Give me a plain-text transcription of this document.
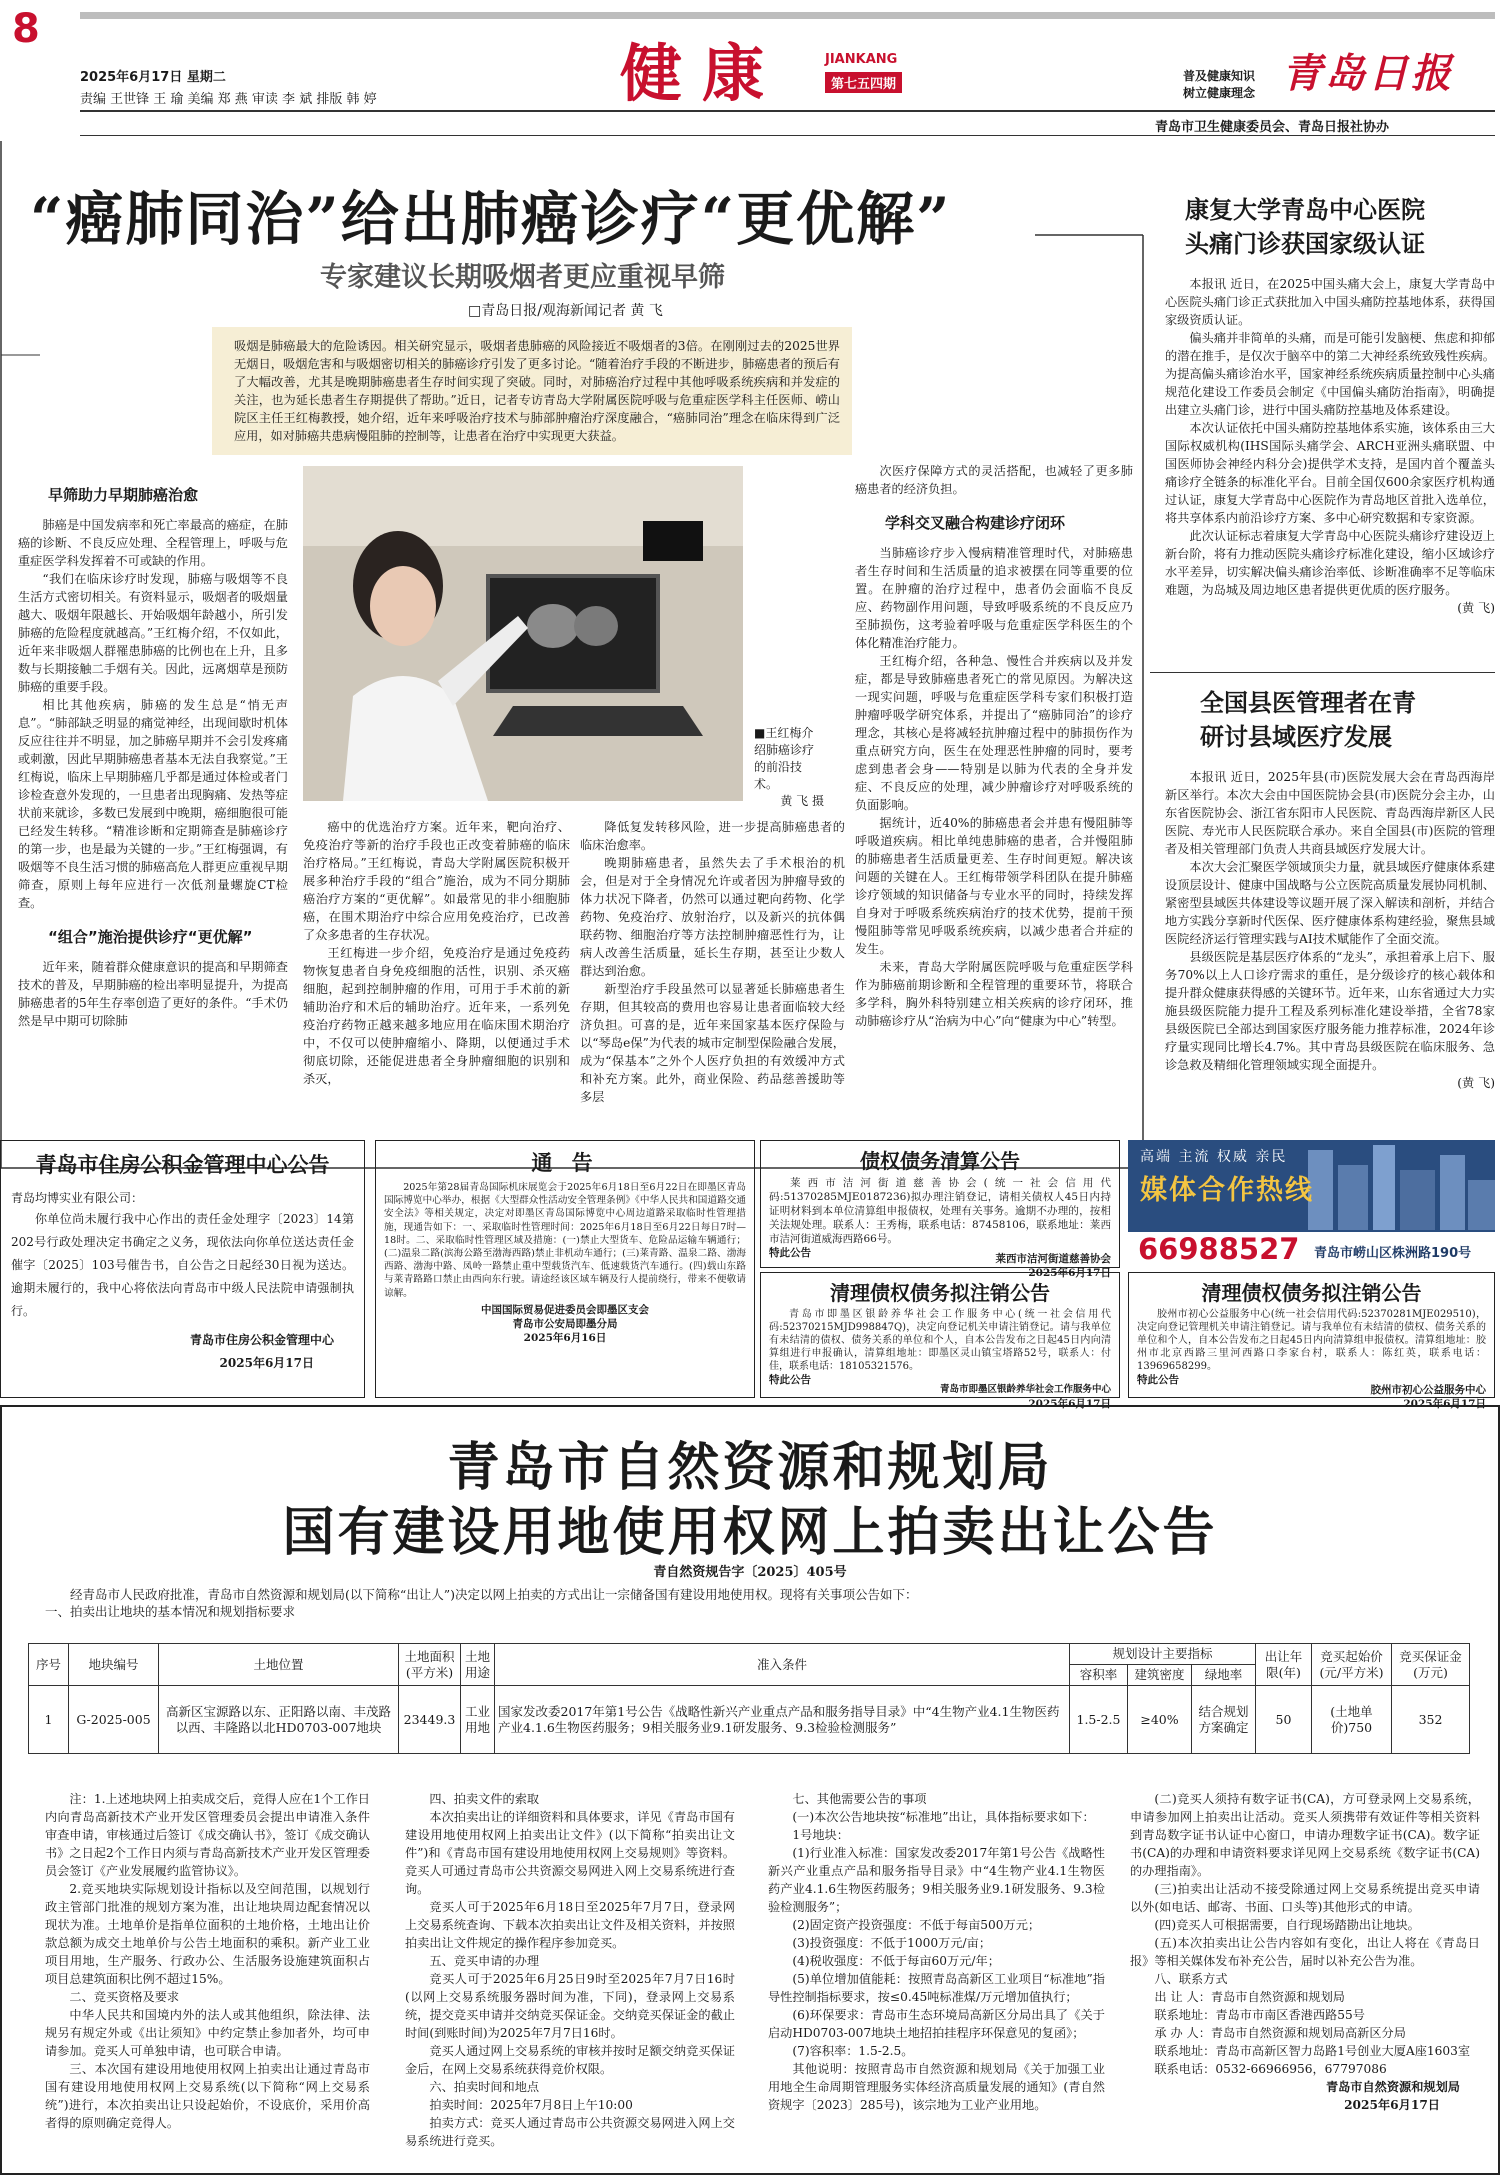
8
2025年6月17日 星期二
责编 王世锋 王 瑜 美编 郑 燕 审读 李 斌 排版 韩 婷	健康	JIANKANG
第七五四期
普及健康知识
树立健康理念 青岛日报
青岛市卫生健康委员会、青岛日报社协办
“癌肺同治”给出肺癌诊疗“更优解”
专家建议长期吸烟者更应重视早筛
□青岛日报/观海新闻记者 黄 飞
吸烟是肺癌最大的危险诱因。相关研究显示，吸烟者患肺癌的风险接近不吸烟者的3倍。在刚刚过去的2025世界无烟日，吸烟危害和与吸烟密切相关的肺癌诊疗引发了更多讨论。“随着治疗手段的不断进步，肺癌患者的预后有了大幅改善，尤其是晚期肺癌患者生存时间实现了突破。同时，对肺癌治疗过程中其他呼吸系统疾病和并发症的关注，也为延长患者生存期提供了帮助。”近日，记者专访青岛大学附属医院呼吸与危重症医学科主任医师、崂山院区主任王红梅教授，她介绍，近年来呼吸治疗技术与肺部肿瘤治疗深度融合，“癌肺同治”理念在临床得到广泛应用，如对肺癌共患病慢阻肺的控制等，让患者在治疗中实现更大获益。
早筛助力早期肺癌治愈

肺癌是中国发病率和死亡率最高的癌症，在肺癌的诊断、不良反应处理、全程管理上，呼吸与危重症医学科发挥着不可或缺的作用。

“我们在临床诊疗时发现，肺癌与吸烟等不良生活方式密切相关。有资料显示，吸烟者的吸烟量越大、吸烟年限越长、开始吸烟年龄越小，所引发肺癌的危险程度就越高。”王红梅介绍，不仅如此，近年来非吸烟人群罹患肺癌的比例也在上升，且多数与长期接触二手烟有关。因此，远离烟草是预防肺癌的重要手段。

相比其他疾病，肺癌的发生总是“悄无声息”。“肺部缺乏明显的痛觉神经，出现间歇时机体反应往往并不明显，加之肺癌早期并不会引发疼痛或刺激，因此早期肺癌患者基本无法自我察觉。”王红梅说，临床上早期肺癌几乎都是通过体检或者门诊检查意外发现的，一旦患者出现胸痛、发热等症状前来就诊，多数已发展到中晚期，癌细胞很可能已经发生转移。“精准诊断和定期筛查是肺癌诊疗的第一步，也是最为关键的一步。”王红梅强调，有吸烟等不良生活习惯的肺癌高危人群更应重视早期筛查，原则上每年应进行一次低剂量螺旋CT检查。

“组合”施治提供诊疗“更优解”

近年来，随着群众健康意识的提高和早期筛查技术的普及，早期肺癌的检出率明显提升，为提高肺癌患者的5年生存率创造了更好的条件。“手术仍然是早中期可切除肺

■王红梅介绍肺癌诊疗的前沿技术。
黄 飞 摄

癌中的优选治疗方案。近年来，靶向治疗、免疫治疗等新的治疗手段也正改变着肺癌的临床治疗格局。”王红梅说，青岛大学附属医院积极开展多种治疗手段的“组合”施治，成为不同分期肺癌治疗方案的“更优解”。如最常见的非小细胞肺癌，在围术期治疗中综合应用免疫治疗，已改善了众多患者的生存状况。

王红梅进一步介绍，免疫治疗是通过免疫药物恢复患者自身免疫细胞的活性，识别、杀灭癌细胞，起到控制肿瘤的作用，可用于手术前的新辅助治疗和术后的辅助治疗。近年来，一系列免疫治疗药物正越来越多地应用在临床围术期治疗中，不仅可以使肿瘤缩小、降期，以便通过手术彻底切除，还能促进患者全身肿瘤细胞的识别和杀灭，

降低复发转移风险，进一步提高肺癌患者的临床治愈率。

晚期肺癌患者，虽然失去了手术根治的机会，但是对于全身情况允许或者因为肿瘤导致的体力状况下降者，仍然可以通过靶向药物、化学药物、免疫治疗、放射治疗，以及新兴的抗体偶联药物、细胞治疗等方法控制肿瘤恶性行为，让病人改善生活质量，延长生存期，甚至让少数人群达到治愈。

新型治疗手段虽然可以显著延长肺癌患者生存期，但其较高的费用也容易让患者面临较大经济负担。可喜的是，近年来国家基本医疗保险与以“琴岛e保”为代表的城市定制型保险融合发展，成为“保基本”之外个人医疗负担的有效缓冲方式和补充方案。此外，商业保险、药品慈善援助等多层

次医疗保障方式的灵活搭配，也减轻了更多肺癌患者的经济负担。

学科交叉融合构建诊疗闭环

当肺癌诊疗步入慢病精准管理时代，对肺癌患者生存时间和生活质量的追求被摆在同等重要的位置。在肿瘤的治疗过程中，患者仍会面临不良反应、药物副作用问题，导致呼吸系统的不良反应乃至肺损伤，这考验着呼吸与危重症医学科医生的个体化精准治疗能力。

王红梅介绍，各种急、慢性合并疾病以及并发症，都是导致肺癌患者死亡的常见原因。为解决这一现实问题，呼吸与危重症医学科专家们积极打造肿瘤呼吸学研究体系，并提出了“癌肺同治”的诊疗理念，其核心是将减轻抗肿瘤过程中的肺损伤作为重点研究方向，医生在处理恶性肿瘤的同时，要考虑到患者会身——特别是以肺为代表的全身并发症、不良反应的处理，减少肿瘤诊疗对呼吸系统的负面影响。

据统计，近40%的肺癌患者会并患有慢阻肺等呼吸道疾病。相比单纯患肺癌的患者，合并慢阻肺的肺癌患者生活质量更差、生存时间更短。解决该问题的关键在人。王红梅带领学科团队在提升肺癌诊疗领域的知识储备与专业水平的同时，持续发挥自身对于呼吸系统疾病治疗的技术优势，提前干预慢阻肺等常见呼吸系统疾病，以减少患者合并症的发生。

未来，青岛大学附属医院呼吸与危重症医学科作为肺癌前期诊断和全程管理的重要环节，将联合多学科，胸外科特别建立相关疾病的诊疗闭环，推动肺癌诊疗从“治病为中心”向“健康为中心”转型。

康复大学青岛中心医院
头痛门诊获国家级认证

本报讯 近日，在2025中国头痛大会上，康复大学青岛中心医院头痛门诊正式获批加入中国头痛防控基地体系，获得国家级资质认证。

偏头痛并非简单的头痛，而是可能引发脑梗、焦虑和抑郁的潜在推手，是仅次于脑卒中的第二大神经系统致残性疾病。为提高偏头痛诊治水平，国家神经系统疾病质量控制中心头痛规范化建设工作委员会制定《中国偏头痛防治指南》，明确提出建立头痛门诊，进行中国头痛防控基地及体系建设。

本次认证依托中国头痛防控基地体系实施，该体系由三大国际权威机构(IHS国际头痛学会、ARCH亚洲头痛联盟、中国医师协会神经内科分会)提供学术支持，是国内首个覆盖头痛诊疗全链条的标准化平台。目前全国仅600余家医疗机构通过认证，康复大学青岛中心医院作为青岛地区首批入选单位，将共享体系内前沿诊疗方案、多中心研究数据和专家资源。

此次认证标志着康复大学青岛中心医院头痛诊疗建设迈上新台阶，将有力推动医院头痛诊疗标准化建设，缩小区域诊疗水平差异，切实解决偏头痛诊治率低、诊断准确率不足等临床难题，为岛城及周边地区患者提供更优质的医疗服务。

(黄 飞)
全国县医管理者在青
研讨县域医疗发展

本报讯 近日，2025年县(市)医院发展大会在青岛西海岸新区举行。本次大会由中国医院协会县(市)医院分会主办，山东省医院协会、浙江省东阳市人民医院、青岛西海岸新区人民医院、寿光市人民医院联合承办。来自全国县(市)医院的管理者及相关管理部门负责人共商县域医疗发展大计。

本次大会汇聚医学领域顶尖力量，就县域医疗健康体系建设顶层设计、健康中国战略与公立医院高质量发展协同机制、紧密型县域医共体建设等议题开展了深入解读和剖析，并结合地方实践分享新时代医保、医疗健康体系构建经验，聚焦县域医院经济运行管理实践与AI技术赋能作了全面交流。

县级医院是基层医疗体系的“龙头”，承担着承上启下、服务70%以上人口诊疗需求的重任，是分级诊疗的核心载体和提升群众健康获得感的关键环节。近年来，山东省通过大力实施县级医院能力提升工程及系列标准化建设举措，全省78家县级医院已全部达到国家医疗服务能力推荐标准，2024年诊疗量实现同比增长4.7%。其中青岛县级医院在临床服务、急诊急救及精细化管理领域实现全面提升。

(黄 飞)
青岛市住房公积金管理中心公告
青岛均博实业有限公司：
你单位尚未履行我中心作出的责任金处理字〔2023〕14第202号行政处理决定书确定之义务，现依法向你单位送达责任金催字〔2025〕103号催告书，自公告之日起经30日视为送达。逾期未履行的，我中心将依法向青岛市中级人民法院申请强制执行。
青岛市住房公积金管理中心
2025年6月17日
通 告
2025年第28届青岛国际机床展览会于2025年6月18日至6月22日在即墨区青岛国际博览中心举办，根据《大型群众性活动安全管理条例》《中华人民共和国道路交通安全法》等相关规定，决定对即墨区青岛国际博览中心周边道路采取临时性管理措施，现通告如下：一、采取临时性管理时间：2025年6月18日至6月22日每日7时—18时。二、采取临时性管理区域及措施：(一)禁止大型货车、危险品运输车辆通行；(二)温泉二路(滨海公路至渤海西路)禁止非机动车通行；(三)莱青路、温泉二路、渤海西路、渤海中路、凤岭一路禁止重中型载货汽车、低速载货汽车通行。(四)载山东路与莱青路路口禁止由西向东行驶。请途经该区域车辆及行人提前绕行，带来不便敬请谅解。
中国国际贸易促进委员会即墨区支会
青岛市公安局即墨分局
2025年6月16日
债权债务清算公告
莱西市洁河街道慈善协会(统一社会信用代码:51370285MJE0187236)拟办理注销登记，请相关债权人45日内持证明材料到本单位清算组申报债权，处理有关事务。逾期不办理的，按相关法规处理。联系人：王秀梅，联系电话：87458106，联系地址：莱西市洁河街道威海西路66号。
特此公告	莱西市洁河街道慈善协会
2025年6月17日
清理债权债务拟注销公告
青岛市即墨区银龄养华社会工作服务中心(统一社会信用代码:52370215MJD998847Q)，决定向登记机关申请注销登记。请与我单位有未结清的债权、债务关系的单位和个人，自本公告发布之日起45日内向清算组进行申报确认，清算组地址：即墨区灵山镇宝塔路52号，联系人：付佳，联系电话：18105321576。
特此公告
青岛市即墨区银龄养华社会工作服务中心
2025年6月17日
高端 主流 权威 亲民
媒体合作热线
66988527 青岛市崂山区株洲路190号
清理债权债务拟注销公告
胶州市初心公益服务中心(统一社会信用代码:52370281MJE029510)，决定向登记管理机关申请注销登记。请与我单位有未结清的债权、债务关系的单位和个人，自本公告发布之日起45日内向清算组申报债权。清算组地址：胶州市北京西路三里河西路口李家台村，联系人：陈红英，联系电话：13969658299。
特此公告
胶州市初心公益服务中心
2025年6月17日
青岛市自然资源和规划局
国有建设用地使用权网上拍卖出让公告
青自然资规告字〔2025〕405号
经青岛市人民政府批准，青岛市自然资源和规划局(以下简称“出让人”)决定以网上拍卖的方式出让一宗储备国有建设用地使用权。现将有关事项公告如下：
一、拍卖出让地块的基本情况和规划指标要求
序号	地块编号	土地位置	土地面积(平方米)	土地用途	准入条件	规划设计主要指标			出让年限(年)	竞买起始价(元/平方米)	竞买保证金(万元)
						容积率	建筑密度	绿地率			
1	G-2025-005	高新区宝源路以东、正阳路以南、丰茂路以西、丰隆路以北HD0703-007地块	23449.3	工业用地	国家发改委2017年第1号公告《战略性新兴产业重点产品和服务指导目录》中“4生物产业4.1生物医药产业4.1.6生物医药服务；9相关服务业9.1研发服务、9.3检验检测服务”	1.5-2.5	≥40%	结合规划方案确定	50	(土地单价)750	352

注：1.上述地块网上拍卖成交后，竞得人应在1个工作日内向青岛高新技术产业开发区管理委员会提出申请准入条件审查申请，审核通过后签订《成交确认书》，签订《成交确认书》之日起2个工作日内须与青岛高新技术产业开发区管理委员会签订《产业发展履约监管协议》。

2.竞买地块实际规划设计指标以及空间范围，以规划行政主管部门批准的规划方案为准，出让地块周边配套情况以现状为准。土地单价是指单位面积的土地价格，土地出让价款总额为成交土地单价与公告土地面积的乘积。新产业工业项目用地，生产服务、行政办公、生活服务设施建筑面积占项目总建筑面积比例不超过15%。

二、竞买资格及要求

中华人民共和国境内外的法人或其他组织，除法律、法规另有规定外或《出让须知》中约定禁止参加者外，均可申请参加。竞买人可单独申请，也可联合申请。

三、本次国有建设用地使用权网上拍卖出让通过青岛市国有建设用地使用权网上交易系统(以下简称“网上交易系统”)进行，本次拍卖出让只设起始价，不设底价，采用价高者得的原则确定竞得人。

四、拍卖文件的索取

本次拍卖出让的详细资料和具体要求，详见《青岛市国有建设用地使用权网上拍卖出让文件》(以下简称“拍卖出让文件”)和《青岛市国有建设用地使用权网上交易规则》等资料。竞买人可通过青岛市公共资源交易网进入网上交易系统进行查询。

竞买人可于2025年6月18日至2025年7月7日，登录网上交易系统查询、下载本次拍卖出让文件及相关资料，并按照拍卖出让文件规定的操作程序参加竞买。

五、竞买申请的办理

竞买人可于2025年6月25日9时至2025年7月7日16时(以网上交易系统服务器时间为准，下同)，登录网上交易系统，提交竞买申请并交纳竞买保证金。交纳竞买保证金的截止时间(到账时间)为2025年7月7日16时。

竞买人通过网上交易系统的审核并按时足额交纳竞买保证金后，在网上交易系统获得竞价权限。

六、拍卖时间和地点

拍卖时间：2025年7月8日上午10:00

拍卖方式：竞买人通过青岛市公共资源交易网进入网上交易系统进行竞买。

七、其他需要公告的事项

(一)本次公告地块按“标准地”出让，具体指标要求如下：

1号地块：

(1)行业准入标准：国家发改委2017年第1号公告《战略性新兴产业重点产品和服务指导目录》中“4生物产业4.1生物医药产业4.1.6生物医药服务；9相关服务业9.1研发服务、9.3检验检测服务”；

(2)固定资产投资强度：不低于每亩500万元；

(3)投资强度：不低于1000万元/亩；

(4)税收强度：不低于每亩60万元/年；

(5)单位增加值能耗：按照青岛高新区工业项目“标准地”指导性控制指标要求，按≤0.45吨标准煤/万元增加值执行；

(6)环保要求：青岛市生态环境局高新区分局出具了《关于启动HD0703-007地块土地招拍挂程序环保意见的复函》；

(7)容积率：1.5-2.5。

其他说明：按照青岛市自然资源和规划局《关于加强工业用地全生命周期管理服务实体经济高质量发展的通知》(青自然资规字〔2023〕285号)，该宗地为工业产业用地。

(二)竞买人须持有数字证书(CA)，方可登录网上交易系统，申请参加网上拍卖出让活动。竞买人须携带有效证件等相关资料到青岛数字证书认证中心窗口，申请办理数字证书(CA)。数字证书(CA)的办理和申请资料要求详见网上交易系统《数字证书(CA)的办理指南》。

(三)拍卖出让活动不接受除通过网上交易系统提出竞买申请以外(如电话、邮寄、书面、口头等)其他形式的申请。

(四)竞买人可根据需要，自行现场踏勘出让地块。

(五)本次拍卖出让公告内容如有变化，出让人将在《青岛日报》等相关媒体发布补充公告，届时以补充公告为准。

八、联系方式

出 让 人：青岛市自然资源和规划局

联系地址：青岛市市南区香港西路55号

承 办 人：青岛市自然资源和规划局高新区分局

联系地址：青岛市高新区智力岛路1号创业大厦A座1603室

联系电话：0532-66966956，67797086

青岛市自然资源和规划局
2025年6月17日
